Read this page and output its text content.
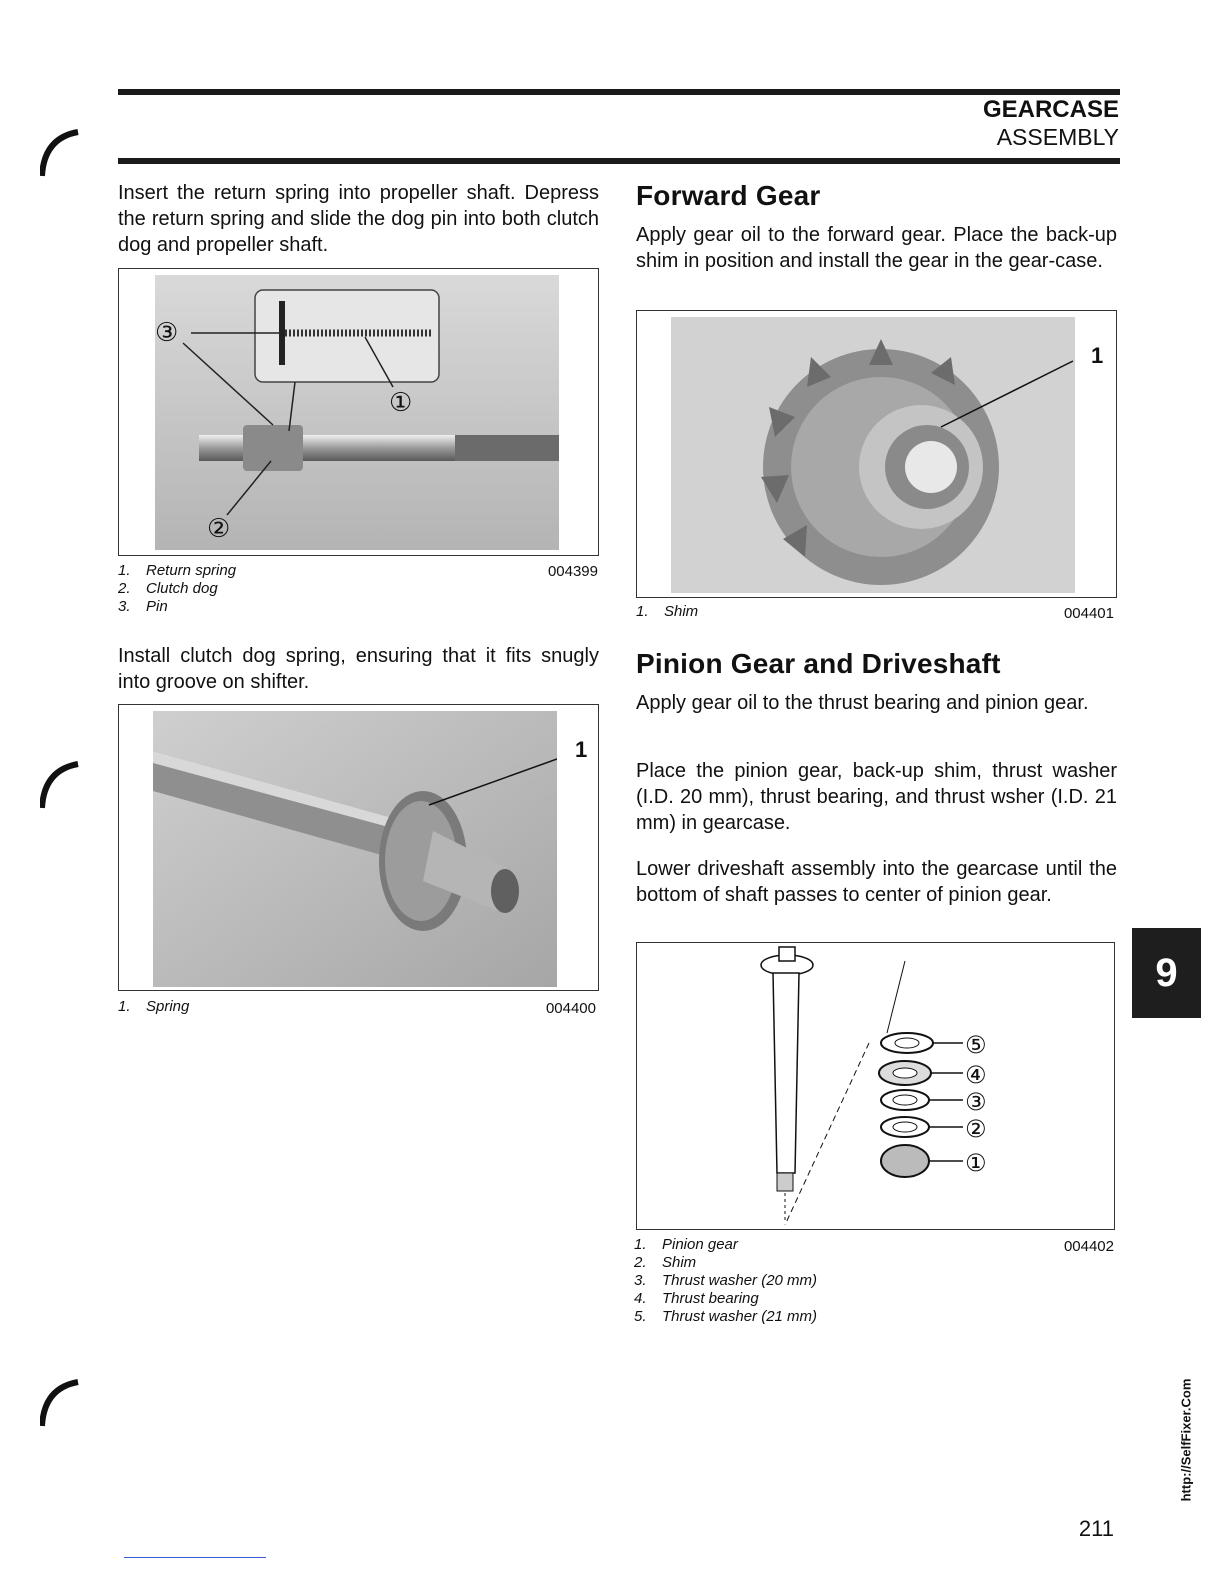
GEARCASE
ASSEMBLY

Insert the return spring into propeller shaft. Depress the return spring and slide the dog pin into both clutch dog and propeller shaft.

③
①
②
1. Return spring
2. Clutch dog
3. Pin
004399

Install clutch dog spring, ensuring that it fits snugly into groove on shifter.

1
1. Spring	004400
Forward Gear

Apply gear oil to the forward gear. Place the back-up shim in position and install the gear in the gear-case.

1
1. Shim	004401
Pinion Gear and Driveshaft

Apply gear oil to the thrust bearing and pinion gear.

Place the pinion gear, back-up shim, thrust washer (I.D. 20 mm), thrust bearing, and thrust wsher (I.D. 21 mm) in gearcase.

Lower driveshaft assembly into the gearcase until the bottom of shaft passes to center of pinion gear.

⑤
④
③
②
①
1. Pinion gear
2. Shim
3. Thrust washer (20 mm)
4. Thrust bearing
5. Thrust washer (21 mm)
004402
9
211
http://SelfFixer.Com
